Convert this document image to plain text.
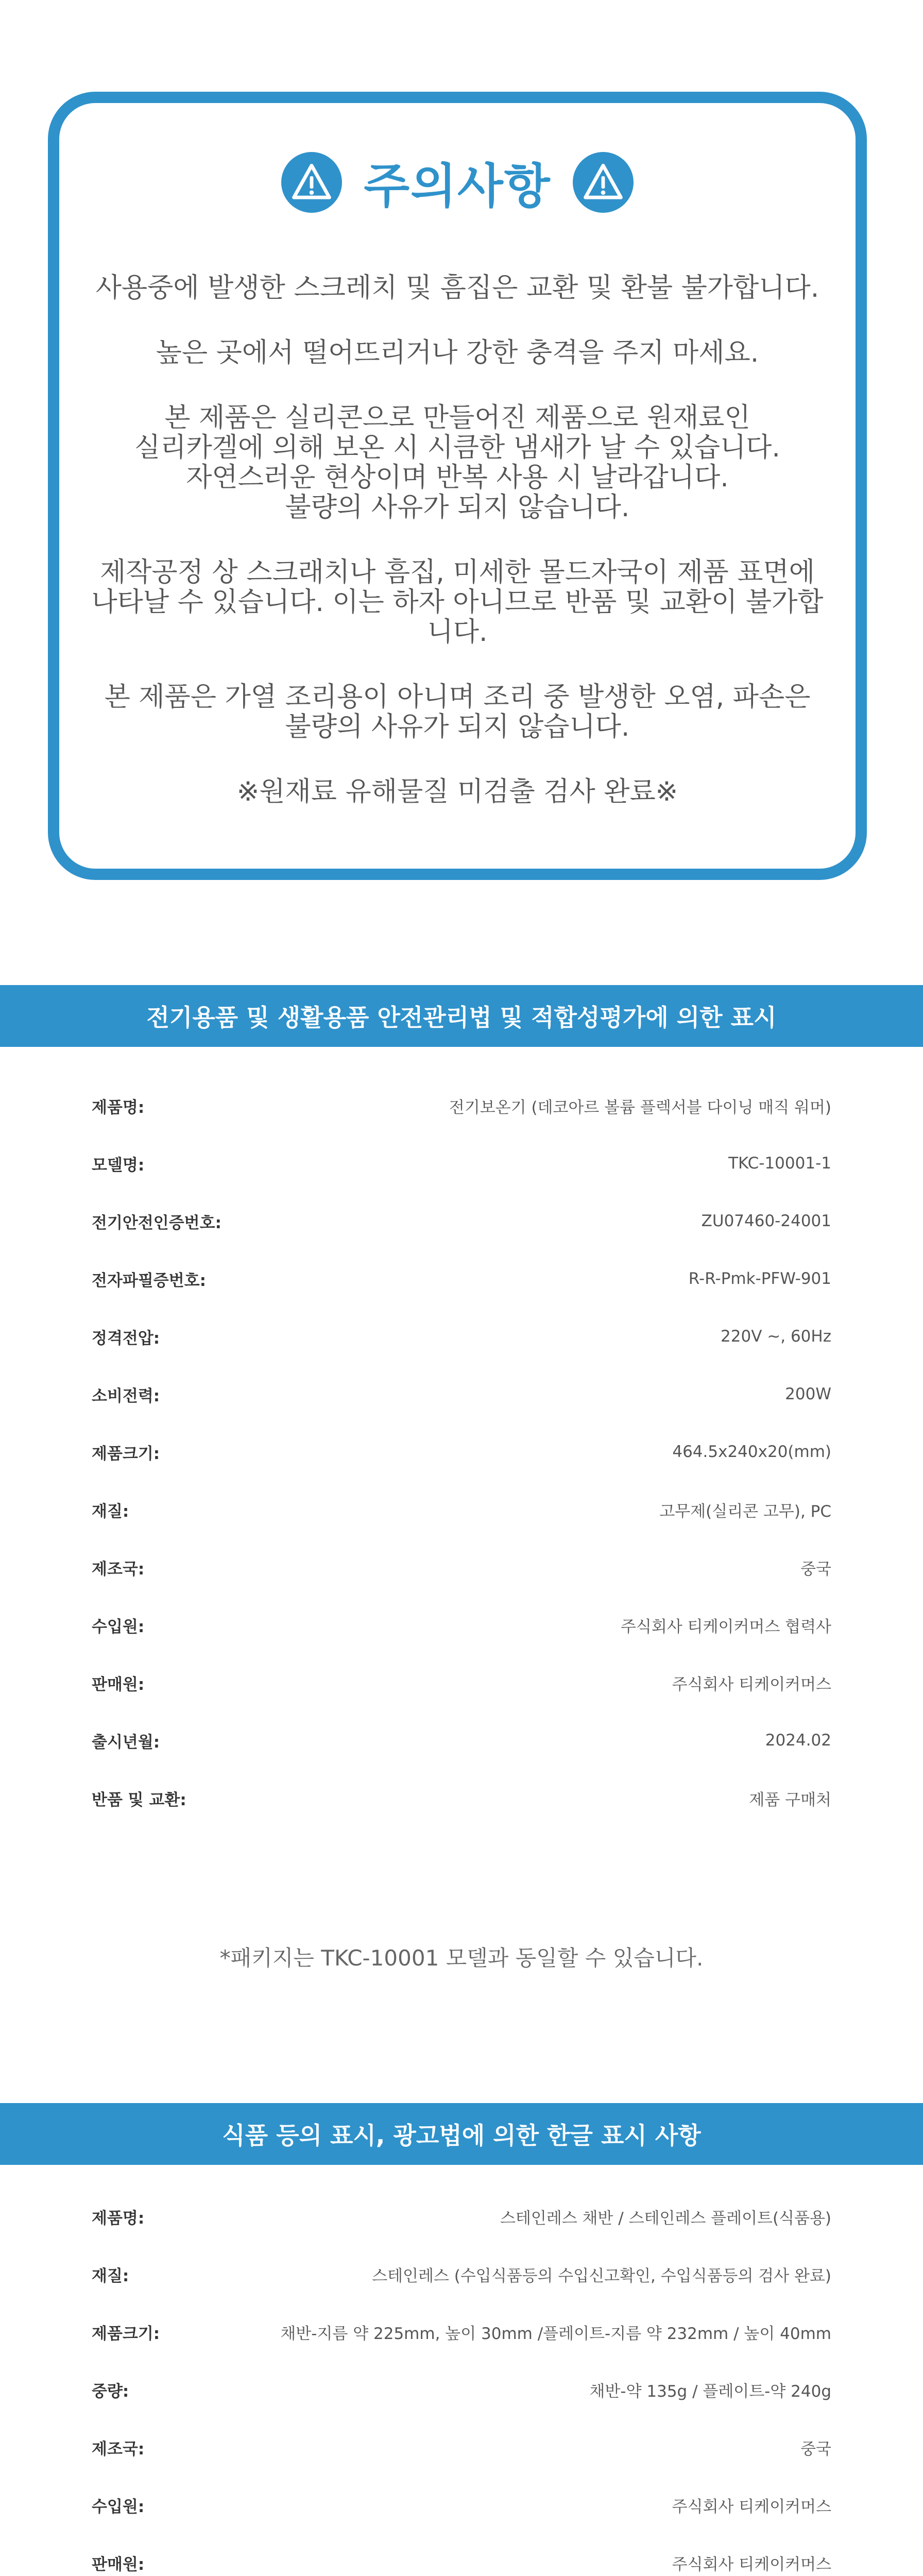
주의사항

사용중에 발생한 스크레치 및 흠집은 교환 및 환불 불가합니다.

높은 곳에서 떨어뜨리거나 강한 충격을 주지 마세요.

본 제품은 실리콘으로 만들어진 제품으로 원재료인
실리카겔에 의해 보온 시 시큼한 냄새가 날 수 있습니다.
자연스러운 현상이며 반복 사용 시 날라갑니다.
불량의 사유가 되지 않습니다.

제작공정 상 스크래치나 흠집, 미세한 몰드자국이 제품 표면에
나타날 수 있습니다. 이는 하자 아니므로 반품 및 교환이 불가합니다.

본 제품은 가열 조리용이 아니며 조리 중 발생한 오염, 파손은
불량의 사유가 되지 않습니다.

※원재료 유해물질 미검출 검사 완료※

전기용품 및 생활용품 안전관리법 및 적합성평가에 의한 표시
제품명:	전기보온기 (데코아르 볼륨 플렉서블 다이닝 매직 워머)
모델명:	TKC-10001-1
전기안전인증번호:	ZU07460-24001
전자파필증번호:	R-R-Pmk-PFW-901
정격전압:	220V ~, 60Hz
소비전력:	200W
제품크기:	464.5x240x20(mm)
재질:	고무제(실리콘 고무), PC
제조국:	중국
수입원:	주식회사 티케이커머스 협력사
판매원:	주식회사 티케이커머스
출시년월:	2024.02
반품 및 교환:	제품 구매처
*패키지는 TKC-10001 모델과 동일할 수 있습니다.
식품 등의 표시, 광고법에 의한 한글 표시 사항
제품명:	스테인레스 채반 / 스테인레스 플레이트(식품용)
재질:	스테인레스 (수입식품등의 수입신고확인, 수입식품등의 검사 완료)
제품크기:	채반-지름 약 225mm, 높이 30mm /플레이트-지름 약 232mm / 높이 40mm
중량:	채반-약 135g / 플레이트-약 240g
제조국:	중국
수입원:	주식회사 티케이커머스
판매원:	주식회사 티케이커머스
